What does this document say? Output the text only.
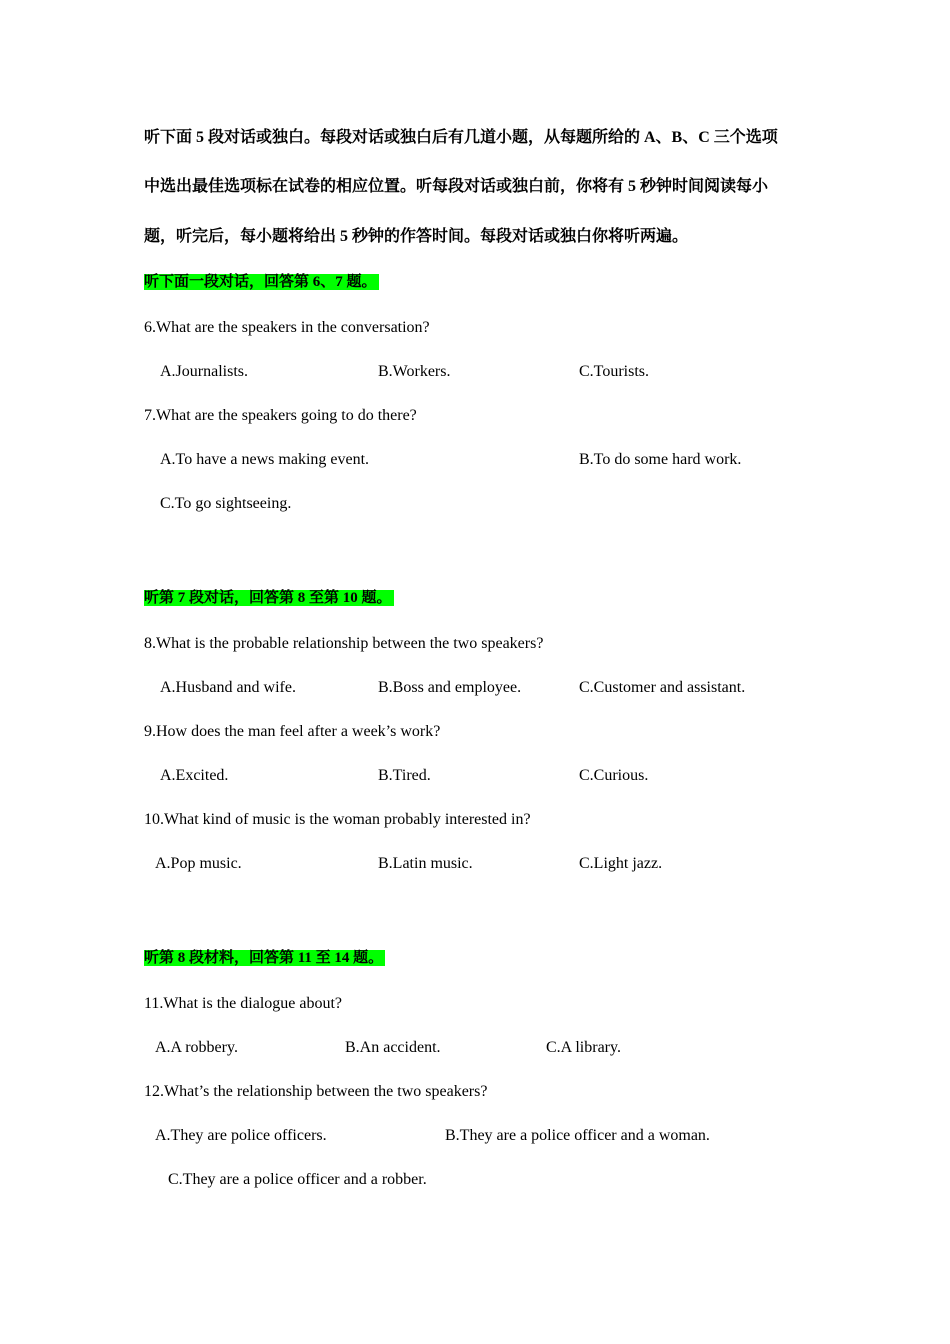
听下面 5 段对话或独白。每段对话或独白后有几道小题，从每题所给的 A、B、C 三个选项
中选出最佳选项标在试卷的相应位置。听每段对话或独白前，你将有 5 秒钟时间阅读每小
题，听完后，每小题将给出 5 秒钟的作答时间。每段对话或独白你将听两遍。
听下面一段对话，回答第 6、7 题。
6.What are the speakers in the conversation?
A.Journalists.	B.Workers.	C.Tourists.
7.What are the speakers going to do there?
A.To have a news making event.	B.To do some hard work.
C.To go sightseeing.
听第 7 段对话，回答第 8 至第 10 题。
8.What is the probable relationship between the two speakers?
A.Husband and wife.	B.Boss and employee.	C.Customer and assistant.
9.How does the man feel after a week’s work?
A.Excited.	B.Tired.	C.Curious.
10.What kind of music is the woman probably interested in?
A.Pop music.	B.Latin music.	C.Light jazz.
听第 8 段材料，回答第 11 至 14 题。
11.What is the dialogue about?
A.A robbery.	B.An accident.	C.A library.
12.What’s the relationship between the two speakers?
A.They are police officers.	B.They are a police officer and a woman.
C.They are a police officer and a robber.
